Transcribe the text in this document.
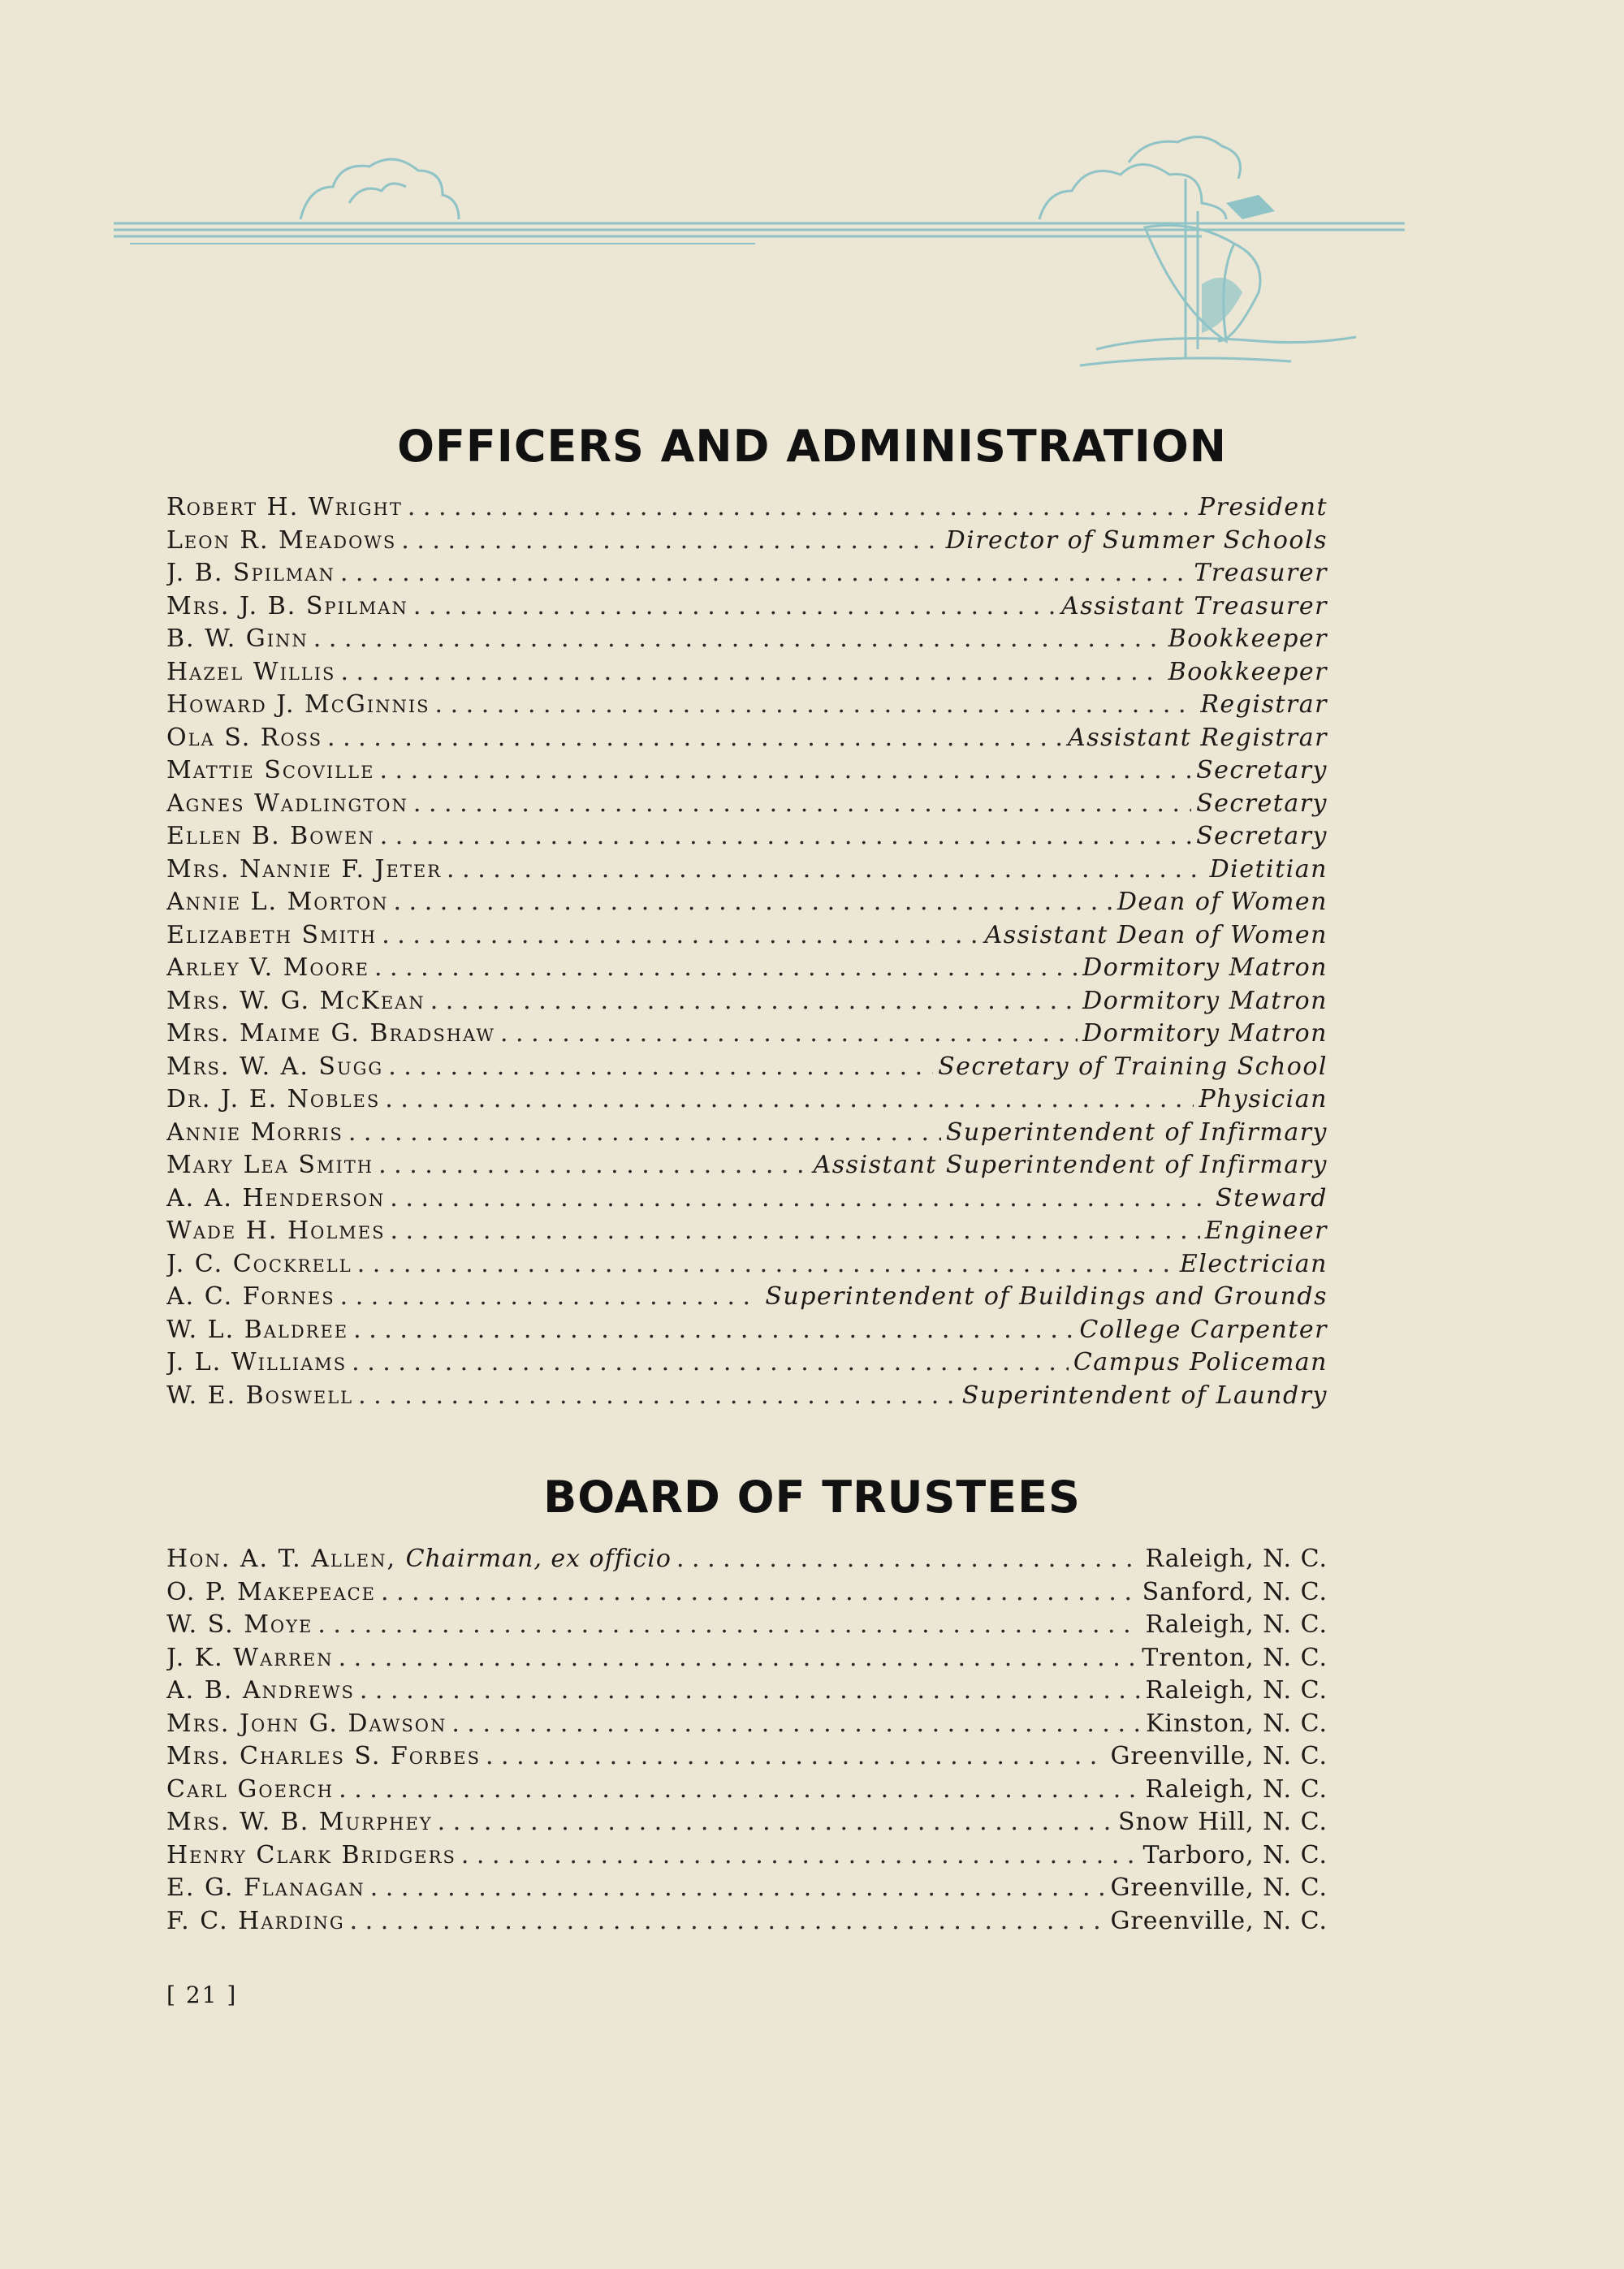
OFFICERS AND ADMINISTRATION
Robert H. Wright . . .	President
Leon R. Meadows . . .	Director of Summer Schools
J. B. Spilman . . .	Treasurer
Mrs. J. B. Spilman . . .	Assistant Treasurer
B. W. Ginn . . .	Bookkeeper
Hazel Willis . . .	Bookkeeper
Howard J. McGinnis . . .	Registrar
Ola S. Ross . . .	Assistant Registrar
Mattie Scoville . . .	Secretary
Agnes Wadlington . . .	Secretary
Ellen B. Bowen . . .	Secretary
Mrs. Nannie F. Jeter . . .	Dietitian
Annie L. Morton . . .	Dean of Women
Elizabeth Smith . . .	Assistant Dean of Women
Arley V. Moore . . .	Dormitory Matron
Mrs. W. G. McKean . . .	Dormitory Matron
Mrs. Maime G. Bradshaw . . .	Dormitory Matron
Mrs. W. A. Sugg . . .	Secretary of Training School
Dr. J. E. Nobles . . .	Physician
Annie Morris . . .	Superintendent of Infirmary
Mary Lea Smith . . .	Assistant Superintendent of Infirmary
A. A. Henderson . . .	Steward
Wade H. Holmes . . .	Engineer
J. C. Cockrell . . .	Electrician
A. C. Fornes . . .	Superintendent of Buildings and Grounds
W. L. Baldree . . .	College Carpenter
J. L. Williams . . .	Campus Policeman
W. E. Boswell . . .	Superintendent of Laundry
BOARD OF TRUSTEES
Hon. A. T. Allen, Chairman, ex officio . . .	Raleigh, N. C.
O. P. Makepeace . . .	Sanford, N. C.
W. S. Moye . . .	Raleigh, N. C.
J. K. Warren . . .	Trenton, N. C.
A. B. Andrews . . .	Raleigh, N. C.
Mrs. John G. Dawson . . .	Kinston, N. C.
Mrs. Charles S. Forbes . . .	Greenville, N. C.
Carl Goerch . . .	Raleigh, N. C.
Mrs. W. B. Murphey . . .	Snow Hill, N. C.
Henry Clark Bridgers . . .	Tarboro, N. C.
E. G. Flanagan . . .	Greenville, N. C.
F. C. Harding . . .	Greenville, N. C.
[ 21 ]
